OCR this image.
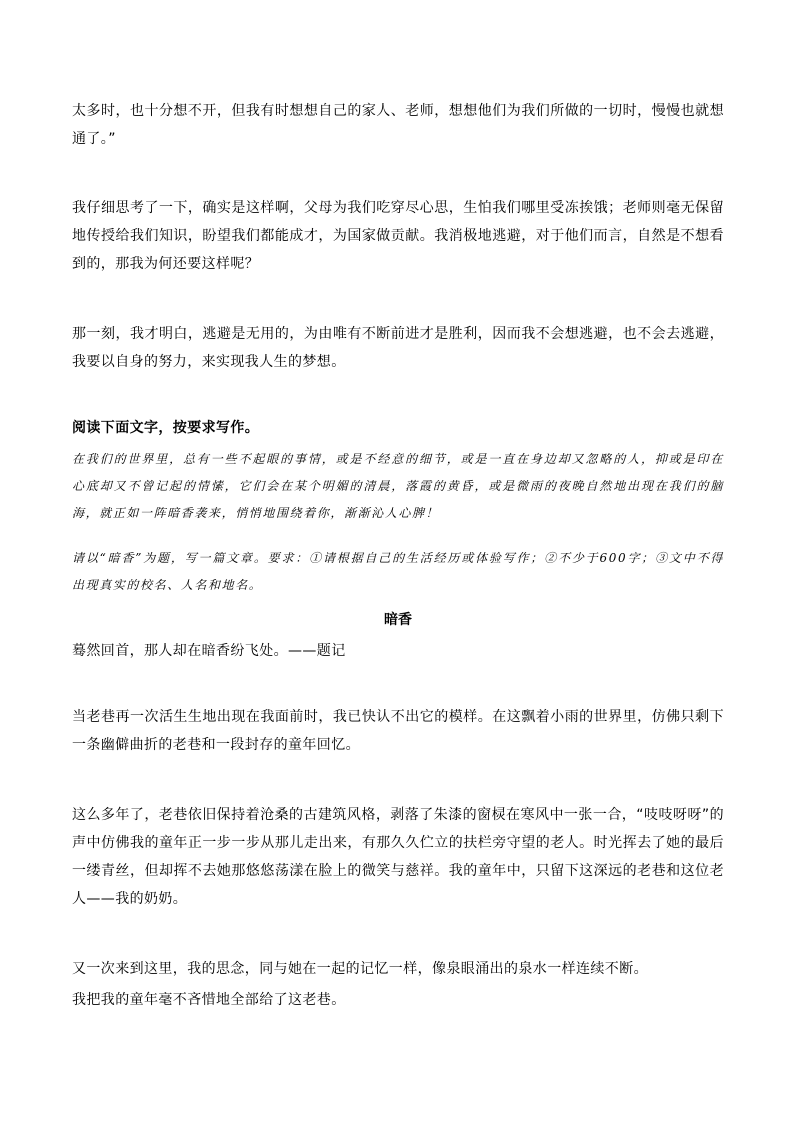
太多时，也十分想不开，但我有时想想自己的家人、老师，想想他们为我们所做的一切时，慢慢也就想通了。”

我仔细思考了一下，确实是这样啊，父母为我们吃穿尽心思，生怕我们哪里受冻挨饿；老师则毫无保留地传授给我们知识，盼望我们都能成才，为国家做贡献。我消极地逃避，对于他们而言，自然是不想看到的，那我为何还要这样呢？

那一刻，我才明白，逃避是无用的，为由唯有不断前进才是胜利，因而我不会想逃避，也不会去逃避，我要以自身的努力，来实现我人生的梦想。

阅读下面文字，按要求写作。

在我们的世界里，总有一些不起眼的事情，或是不经意的细节，或是一直在身边却又忽略的人，抑或是印在心底却又不曾记起的情愫，它们会在某个明媚的清晨，落霞的黄昏，或是微雨的夜晚自然地出现在我们的脑海，就正如一阵暗香袭来，悄悄地围绕着你，渐渐沁人心脾！

请以“暗香”为题，写一篇文章。要求：①请根据自己的生活经历或体验写作；②不少于600字；③文中不得出现真实的校名、人名和地名。

暗香

蓦然回首，那人却在暗香纷飞处。——题记

当老巷再一次活生生地出现在我面前时，我已快认不出它的模样。在这飘着小雨的世界里，仿佛只剩下一条幽僻曲折的老巷和一段封存的童年回忆。

这么多年了，老巷依旧保持着沧桑的古建筑风格，剥落了朱漆的窗棂在寒风中一张一合，“吱吱呀呀”的声中仿佛我的童年正一步一步从那儿走出来，有那久久伫立的扶栏旁守望的老人。时光挥去了她的最后一缕青丝，但却挥不去她那悠悠荡漾在脸上的微笑与慈祥。我的童年中，只留下这深远的老巷和这位老人——我的奶奶。

又一次来到这里，我的思念，同与她在一起的记忆一样，像泉眼涌出的泉水一样连续不断。

我把我的童年毫不吝惜地全部给了这老巷。
